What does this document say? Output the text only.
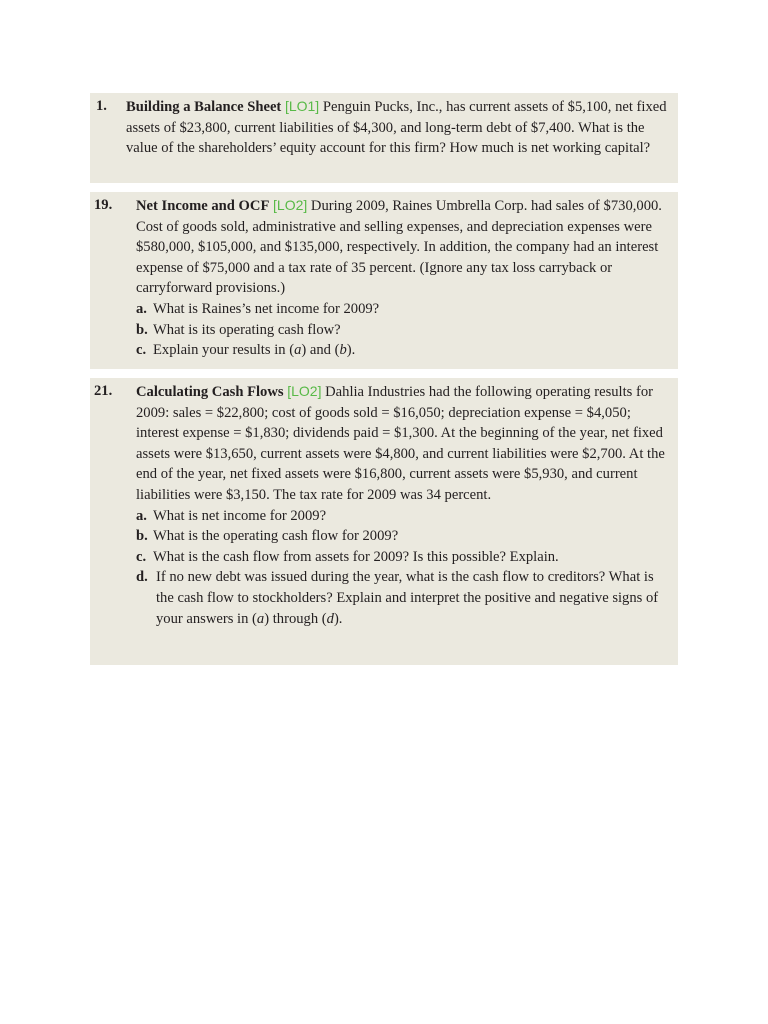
1. Building a Balance Sheet [LO1] Penguin Pucks, Inc., has current assets of $5,100, net fixed assets of $23,800, current liabilities of $4,300, and long-term debt of $7,400. What is the value of the shareholders’ equity account for this firm? How much is net working capital?
19. Net Income and OCF [LO2] During 2009, Raines Umbrella Corp. had sales of $730,000. Cost of goods sold, administrative and selling expenses, and depreciation expenses were $580,000, $105,000, and $135,000, respectively. In addition, the company had an interest expense of $75,000 and a tax rate of 35 percent. (Ignore any tax loss carryback or carryforward provisions.)
a. What is Raines’s net income for 2009?
b. What is its operating cash flow?
c. Explain your results in (a) and (b).
21. Calculating Cash Flows [LO2] Dahlia Industries had the following operating results for 2009: sales = $22,800; cost of goods sold = $16,050; depreciation expense = $4,050; interest expense = $1,830; dividends paid = $1,300. At the beginning of the year, net fixed assets were $13,650, current assets were $4,800, and current liabilities were $2,700. At the end of the year, net fixed assets were $16,800, current assets were $5,930, and current liabilities were $3,150. The tax rate for 2009 was 34 percent.
a. What is net income for 2009?
b. What is the operating cash flow for 2009?
c. What is the cash flow from assets for 2009? Is this possible? Explain.
d. If no new debt was issued during the year, what is the cash flow to creditors? What is the cash flow to stockholders? Explain and interpret the positive and negative signs of your answers in (a) through (d).
